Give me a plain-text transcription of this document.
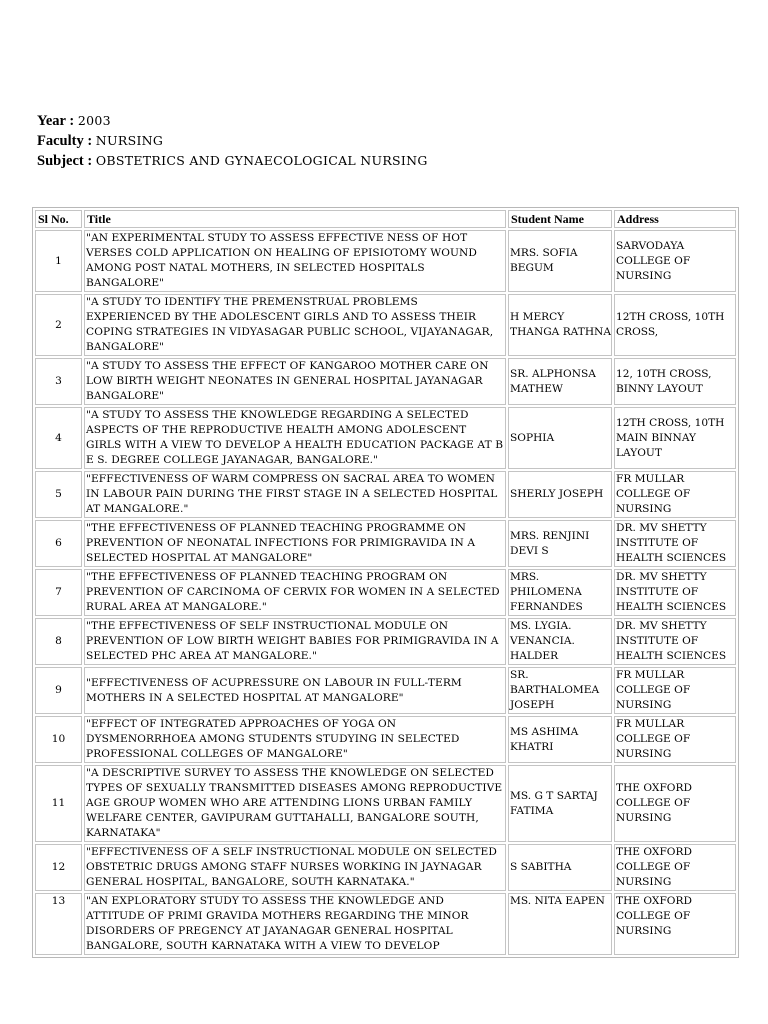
Year : 2003
Faculty : NURSING
Subject : OBSTETRICS AND GYNAECOLOGICAL NURSING
Sl No.	Title	Student Name	Address
1	"AN EXPERIMENTAL STUDY TO ASSESS EFFECTIVE NESS OF HOT VERSES COLD APPLICATION ON HEALING OF EPISIOTOMY WOUND AMONG POST NATAL MOTHERS, IN SELECTED HOSPITALS BANGALORE"	MRS. SOFIA BEGUM	SARVODAYA COLLEGE OF NURSING
2	"A STUDY TO IDENTIFY THE PREMENSTRUAL PROBLEMS EXPERIENCED BY THE ADOLESCENT GIRLS AND TO ASSESS THEIR COPING STRATEGIES IN VIDYASAGAR PUBLIC SCHOOL, VIJAYANAGAR, BANGALORE"	H MERCY THANGA RATHNA	12TH CROSS, 10TH CROSS,
3	"A STUDY TO ASSESS THE EFFECT OF KANGAROO MOTHER CARE ON LOW BIRTH WEIGHT NEONATES IN GENERAL HOSPITAL JAYANAGAR BANGALORE"	SR. ALPHONSA MATHEW	12, 10TH CROSS, BINNY LAYOUT
4	"A STUDY TO ASSESS THE KNOWLEDGE REGARDING A SELECTED ASPECTS OF THE REPRODUCTIVE HEALTH AMONG ADOLESCENT GIRLS WITH A VIEW TO DEVELOP A HEALTH EDUCATION PACKAGE AT B E S. DEGREE COLLEGE JAYANAGAR, BANGALORE."	SOPHIA	12TH CROSS, 10TH MAIN BINNAY LAYOUT
5	"EFFECTIVENESS OF WARM COMPRESS ON SACRAL AREA TO WOMEN IN LABOUR PAIN DURING THE FIRST STAGE IN A SELECTED HOSPITAL AT MANGALORE."	SHERLY JOSEPH	FR MULLAR COLLEGE OF NURSING
6	"THE EFFECTIVENESS OF PLANNED TEACHING PROGRAMME ON PREVENTION OF NEONATAL INFECTIONS FOR PRIMIGRAVIDA IN A SELECTED HOSPITAL AT MANGALORE"	MRS. RENJINI DEVI S	DR. MV SHETTY INSTITUTE OF HEALTH SCIENCES
7	"THE EFFECTIVENESS OF PLANNED TEACHING PROGRAM ON PREVENTION OF CARCINOMA OF CERVIX FOR WOMEN IN A SELECTED RURAL AREA AT MANGALORE."	MRS. PHILOMENA FERNANDES	DR. MV SHETTY INSTITUTE OF HEALTH SCIENCES
8	"THE EFFECTIVENESS OF SELF INSTRUCTIONAL MODULE ON PREVENTION OF LOW BIRTH WEIGHT BABIES FOR PRIMIGRAVIDA IN A SELECTED PHC AREA AT MANGALORE."	MS. LYGIA. VENANCIA. HALDER	DR. MV SHETTY INSTITUTE OF HEALTH SCIENCES
9	"EFFECTIVENESS OF ACUPRESSURE ON LABOUR IN FULL-TERM MOTHERS IN A SELECTED HOSPITAL AT MANGALORE"	SR. BARTHALOMEA JOSEPH	FR MULLAR COLLEGE OF NURSING
10	"EFFECT OF INTEGRATED APPROACHES OF YOGA ON DYSMENORRHOEA AMONG STUDENTS STUDYING IN SELECTED PROFESSIONAL COLLEGES OF MANGALORE"	MS ASHIMA KHATRI	FR MULLAR COLLEGE OF NURSING
11	"A DESCRIPTIVE SURVEY TO ASSESS THE KNOWLEDGE ON SELECTED TYPES OF SEXUALLY TRANSMITTED DISEASES AMONG REPRODUCTIVE AGE GROUP WOMEN WHO ARE ATTENDING LIONS URBAN FAMILY WELFARE CENTER, GAVIPURAM GUTTAHALLI, BANGALORE SOUTH, KARNATAKA"	MS. G T SARTAJ FATIMA	THE OXFORD COLLEGE OF NURSING
12	"EFFECTIVENESS OF A SELF INSTRUCTIONAL MODULE ON SELECTED OBSTETRIC DRUGS AMONG STAFF NURSES WORKING IN JAYNAGAR GENERAL HOSPITAL, BANGALORE, SOUTH KARNATAKA."	S SABITHA	THE OXFORD COLLEGE OF NURSING
13	"AN EXPLORATORY STUDY TO ASSESS THE KNOWLEDGE AND ATTITUDE OF PRIMI GRAVIDA MOTHERS REGARDING THE MINOR DISORDERS OF PREGENCY AT JAYANAGAR GENERAL HOSPITAL BANGALORE, SOUTH KARNATAKA WITH A VIEW TO DEVELOP	MS. NITA EAPEN	THE OXFORD COLLEGE OF NURSING
